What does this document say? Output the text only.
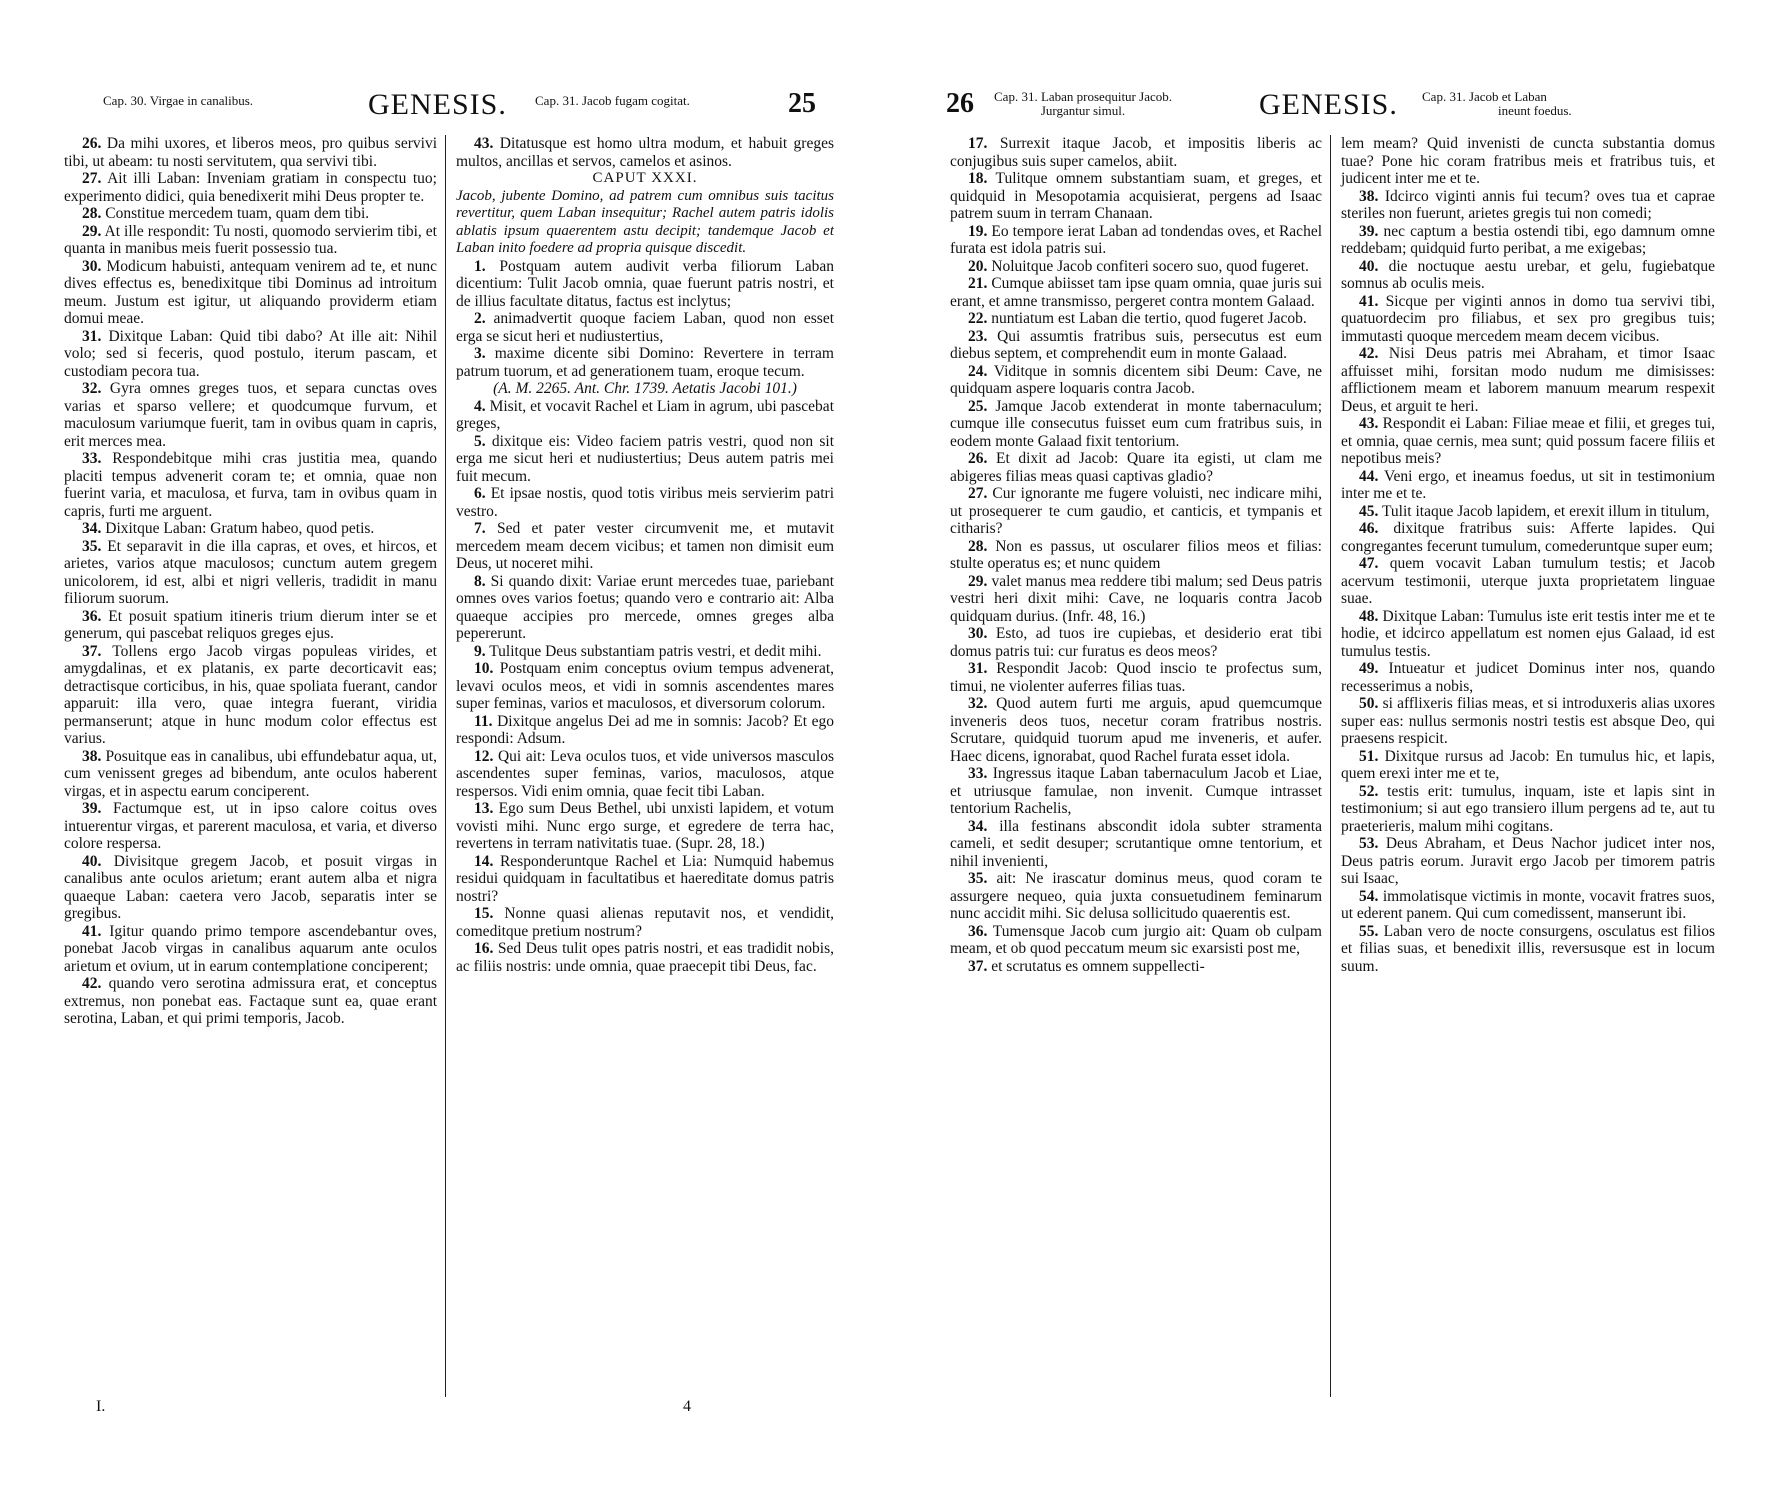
Cap. 30. Virgae in canalibus.	GENESIS. Cap. 31. Jacob fugam cogitat.	25

26. Da mihi uxores, et liberos meos, pro quibus servivi tibi, ut abeam: tu nosti servitutem, qua servivi tibi.

27. Ait illi Laban: Inveniam gratiam in conspectu tuo; experimento didici, quia benedixerit mihi Deus propter te.

28. Constitue mercedem tuam, quam dem tibi.

29. At ille respondit: Tu nosti, quomodo servierim tibi, et quanta in manibus meis fuerit possessio tua.

30. Modicum habuisti, antequam venirem ad te, et nunc dives effectus es, benedixitque tibi Dominus ad introitum meum. Justum est igitur, ut aliquando providerm etiam domui meae.

31. Dixitque Laban: Quid tibi dabo? At ille ait: Nihil volo; sed si feceris, quod postulo, iterum pascam, et custodiam pecora tua.

32. Gyra omnes greges tuos, et separa cunctas oves varias et sparso vellere; et quodcumque furvum, et maculosum variumque fuerit, tam in ovibus quam in capris, erit merces mea.

33. Respondebitque mihi cras justitia mea, quando placiti tempus advenerit coram te; et omnia, quae non fuerint varia, et maculosa, et furva, tam in ovibus quam in capris, furti me arguent.

34. Dixitque Laban: Gratum habeo, quod petis.

35. Et separavit in die illa capras, et oves, et hircos, et arietes, varios atque maculosos; cunctum autem gregem unicolorem, id est, albi et nigri velleris, tradidit in manu filiorum suorum.

36. Et posuit spatium itineris trium dierum inter se et generum, qui pascebat reliquos greges ejus.

37. Tollens ergo Jacob virgas populeas virides, et amygdalinas, et ex platanis, ex parte decorticavit eas; detractisque corticibus, in his, quae spoliata fuerant, candor apparuit: illa vero, quae integra fuerant, viridia permanserunt; atque in hunc modum color effectus est varius.

38. Posuitque eas in canalibus, ubi effundebatur aqua, ut, cum venissent greges ad bibendum, ante oculos haberent virgas, et in aspectu earum conciperent.

39. Factumque est, ut in ipso calore coitus oves intuerentur virgas, et parerent maculosa, et varia, et diverso colore respersa.

40. Divisitque gregem Jacob, et posuit virgas in canalibus ante oculos arietum; erant autem alba et nigra quaeque Laban: caetera vero Jacob, separatis inter se gregibus.

41. Igitur quando primo tempore ascendebantur oves, ponebat Jacob virgas in canalibus aquarum ante oculos arietum et ovium, ut in earum contemplatione conciperent;

42. quando vero serotina admissura erat, et conceptus extremus, non ponebat eas. Factaque sunt ea, quae erant serotina, Laban, et qui primi temporis, Jacob.

43. Ditatusque est homo ultra modum, et habuit greges multos, ancillas et servos, camelos et asinos.

CAPUT XXXI.

Jacob, jubente Domino, ad patrem cum omnibus suis tacitus revertitur, quem Laban insequitur; Rachel autem patris idolis ablatis ipsum quaerentem astu decipit; tandemque Jacob et Laban inito foedere ad propria quisque discedit.

1. Postquam autem audivit verba filiorum Laban dicentium: Tulit Jacob omnia, quae fuerunt patris nostri, et de illius facultate ditatus, factus est inclytus;

2. animadvertit quoque faciem Laban, quod non esset erga se sicut heri et nudiustertius,

3. maxime dicente sibi Domino: Revertere in terram patrum tuorum, et ad generationem tuam, eroque tecum.

(A. M. 2265. Ant. Chr. 1739. Aetatis Jacobi 101.)

4. Misit, et vocavit Rachel et Liam in agrum, ubi pascebat greges,

5. dixitque eis: Video faciem patris vestri, quod non sit erga me sicut heri et nudiustertius; Deus autem patris mei fuit mecum.

6. Et ipsae nostis, quod totis viribus meis servierim patri vestro.

7. Sed et pater vester circumvenit me, et mutavit mercedem meam decem vicibus; et tamen non dimisit eum Deus, ut noceret mihi.

8. Si quando dixit: Variae erunt mercedes tuae, pariebant omnes oves varios foetus; quando vero e contrario ait: Alba quaeque accipies pro mercede, omnes greges alba pepererunt.

9. Tulitque Deus substantiam patris vestri, et dedit mihi.

10. Postquam enim conceptus ovium tempus advenerat, levavi oculos meos, et vidi in somnis ascendentes mares super feminas, varios et maculosos, et diversorum colorum.

11. Dixitque angelus Dei ad me in somnis: Jacob? Et ego respondi: Adsum.

12. Qui ait: Leva oculos tuos, et vide universos masculos ascendentes super feminas, varios, maculosos, atque respersos. Vidi enim omnia, quae fecit tibi Laban.

13. Ego sum Deus Bethel, ubi unxisti lapidem, et votum vovisti mihi. Nunc ergo surge, et egredere de terra hac, revertens in terram nativitatis tuae. (Supr. 28, 18.)

14. Responderuntque Rachel et Lia: Numquid habemus residui quidquam in facultatibus et haereditate domus patris nostri?

15. Nonne quasi alienas reputavit nos, et vendidit, comeditque pretium nostrum?

16. Sed Deus tulit opes patris nostri, et eas tradidit nobis, ac filiis nostris: unde omnia, quae praecepit tibi Deus, fac.

I.	4
26 Cap. 31. Laban prosequitur Jacob.
Jurgantur simul.	GENESIS. Cap. 31. Jacob et Laban
ineunt foedus.

17. Surrexit itaque Jacob, et impositis liberis ac conjugibus suis super camelos, abiit.

18. Tulitque omnem substantiam suam, et greges, et quidquid in Mesopotamia acquisierat, pergens ad Isaac patrem suum in terram Chanaan.

19. Eo tempore ierat Laban ad tondendas oves, et Rachel furata est idola patris sui.

20. Noluitque Jacob confiteri socero suo, quod fugeret.

21. Cumque abiisset tam ipse quam omnia, quae juris sui erant, et amne transmisso, pergeret contra montem Galaad.

22. nuntiatum est Laban die tertio, quod fugeret Jacob.

23. Qui assumtis fratribus suis, persecutus est eum diebus septem, et comprehendit eum in monte Galaad.

24. Viditque in somnis dicentem sibi Deum: Cave, ne quidquam aspere loquaris contra Jacob.

25. Jamque Jacob extenderat in monte tabernaculum; cumque ille consecutus fuisset eum cum fratribus suis, in eodem monte Galaad fixit tentorium.

26. Et dixit ad Jacob: Quare ita egisti, ut clam me abigeres filias meas quasi captivas gladio?

27. Cur ignorante me fugere voluisti, nec indicare mihi, ut prosequerer te cum gaudio, et canticis, et tympanis et citharis?

28. Non es passus, ut oscularer filios meos et filias: stulte operatus es; et nunc quidem

29. valet manus mea reddere tibi malum; sed Deus patris vestri heri dixit mihi: Cave, ne loquaris contra Jacob quidquam durius. (Infr. 48, 16.)

30. Esto, ad tuos ire cupiebas, et desiderio erat tibi domus patris tui: cur furatus es deos meos?

31. Respondit Jacob: Quod inscio te profectus sum, timui, ne violenter auferres filias tuas.

32. Quod autem furti me arguis, apud quemcumque inveneris deos tuos, necetur coram fratribus nostris. Scrutare, quidquid tuorum apud me inveneris, et aufer. Haec dicens, ignorabat, quod Rachel furata esset idola.

33. Ingressus itaque Laban tabernaculum Jacob et Liae, et utriusque famulae, non invenit. Cumque intrasset tentorium Rachelis,

34. illa festinans abscondit idola subter stramenta cameli, et sedit desuper; scrutantique omne tentorium, et nihil invenienti,

35. ait: Ne irascatur dominus meus, quod coram te assurgere nequeo, quia juxta consuetudinem feminarum nunc accidit mihi. Sic delusa sollicitudo quaerentis est.

36. Tumensque Jacob cum jurgio ait: Quam ob culpam meam, et ob quod peccatum meum sic exarsisti post me,

37. et scrutatus es omnem suppellecti-

lem meam? Quid invenisti de cuncta substantia domus tuae? Pone hic coram fratribus meis et fratribus tuis, et judicent inter me et te.

38. Idcirco viginti annis fui tecum? oves tua et caprae steriles non fuerunt, arietes gregis tui non comedi;

39. nec captum a bestia ostendi tibi, ego damnum omne reddebam; quidquid furto peribat, a me exigebas;

40. die noctuque aestu urebar, et gelu, fugiebatque somnus ab oculis meis.

41. Sicque per viginti annos in domo tua servivi tibi, quatuordecim pro filiabus, et sex pro gregibus tuis; immutasti quoque mercedem meam decem vicibus.

42. Nisi Deus patris mei Abraham, et timor Isaac affuisset mihi, forsitan modo nudum me dimisisses: afflictionem meam et laborem manuum mearum respexit Deus, et arguit te heri.

43. Respondit ei Laban: Filiae meae et filii, et greges tui, et omnia, quae cernis, mea sunt; quid possum facere filiis et nepotibus meis?

44. Veni ergo, et ineamus foedus, ut sit in testimonium inter me et te.

45. Tulit itaque Jacob lapidem, et erexit illum in titulum,

46. dixitque fratribus suis: Afferte lapides. Qui congregantes fecerunt tumulum, comederuntque super eum;

47. quem vocavit Laban tumulum testis; et Jacob acervum testimonii, uterque juxta proprietatem linguae suae.

48. Dixitque Laban: Tumulus iste erit testis inter me et te hodie, et idcirco appellatum est nomen ejus Galaad, id est tumulus testis.

49. Intueatur et judicet Dominus inter nos, quando recesserimus a nobis,

50. si afflixeris filias meas, et si introduxeris alias uxores super eas: nullus sermonis nostri testis est absque Deo, qui praesens respicit.

51. Dixitque rursus ad Jacob: En tumulus hic, et lapis, quem erexi inter me et te,

52. testis erit: tumulus, inquam, iste et lapis sint in testimonium; si aut ego transiero illum pergens ad te, aut tu praeterieris, malum mihi cogitans.

53. Deus Abraham, et Deus Nachor judicet inter nos, Deus patris eorum. Juravit ergo Jacob per timorem patris sui Isaac,

54. immolatisque victimis in monte, vocavit fratres suos, ut ederent panem. Qui cum comedissent, manserunt ibi.

55. Laban vero de nocte consurgens, osculatus est filios et filias suas, et benedixit illis, reversusque est in locum suum.
